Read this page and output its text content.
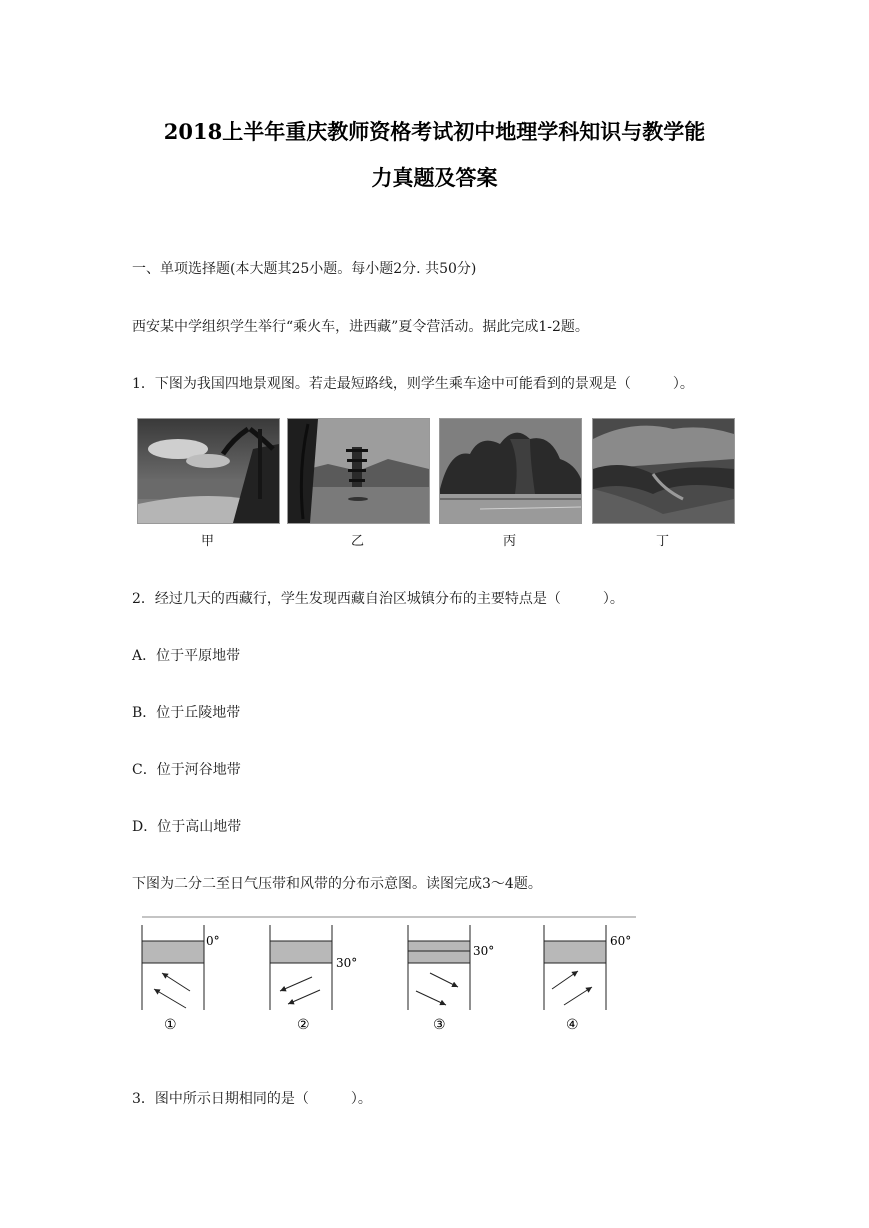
2018上半年重庆教师资格考试初中地理学科知识与教学能
力真题及答案
一、单项选择题(本大题其25小题。每小题2分. 共50分)
西安某中学组织学生举行“乘火车，进西藏”夏令营活动。据此完成1-2题。
1．下图为我国四地景观图。若走最短路线，则学生乘车途中可能看到的景观是（　　　）。
甲	乙	丙	丁
2．经过几天的西藏行，学生发现西藏自治区城镇分布的主要特点是（　　　）。
A．位于平原地带
B．位于丘陵地带
C．位于河谷地带
D．位于高山地带
下图为二分二至日气压带和风带的分布示意图。读图完成3～4题。
0°
①
30°
②
30°
③
60°
④
3．图中所示日期相同的是（　　　）。
